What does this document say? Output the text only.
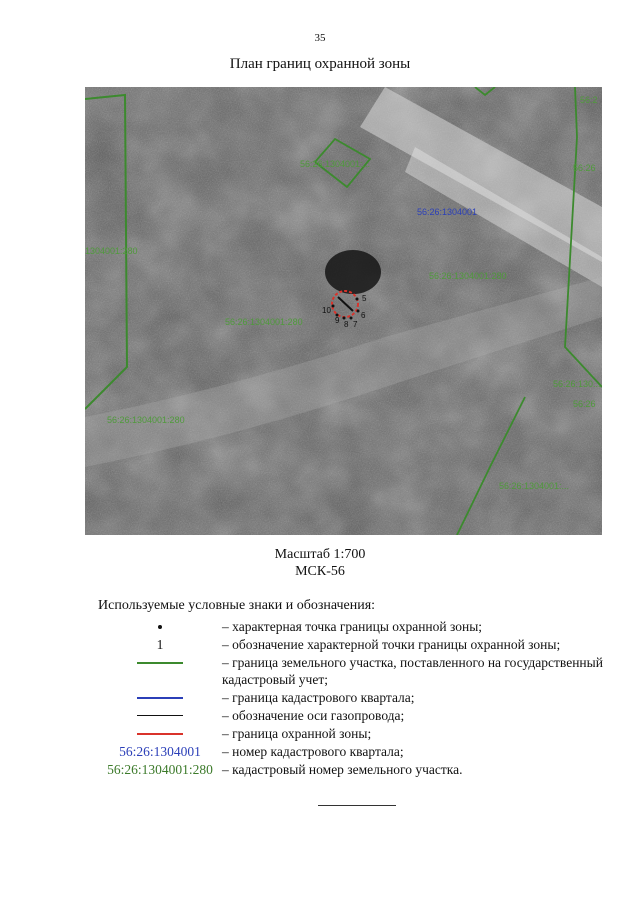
35
План границ охранной зоны
56:2
56:26:1304001:...	56:26
56:26:1304001
1304001:280
56:26:1304001:280
56:26:1304001:280
56:26:130...
56:26
56:26:1304001:280
56:26:1304001:...
5
6
7
8
9
10
Масштаб 1:700
МСК-56
Используемые условные знаки и обозначения:
– характерная точка границы охранной зоны;
1	– обозначение характерной точки границы охранной зоны;
– граница земельного участка, поставленного на государственный кадастровый учет;
– граница кадастрового квартала;
– обозначение оси газопровода;
– граница охранной зоны;
56:26:1304001 – номер кадастрового квартала;
56:26:1304001:280 – кадастровый номер земельного участка.
